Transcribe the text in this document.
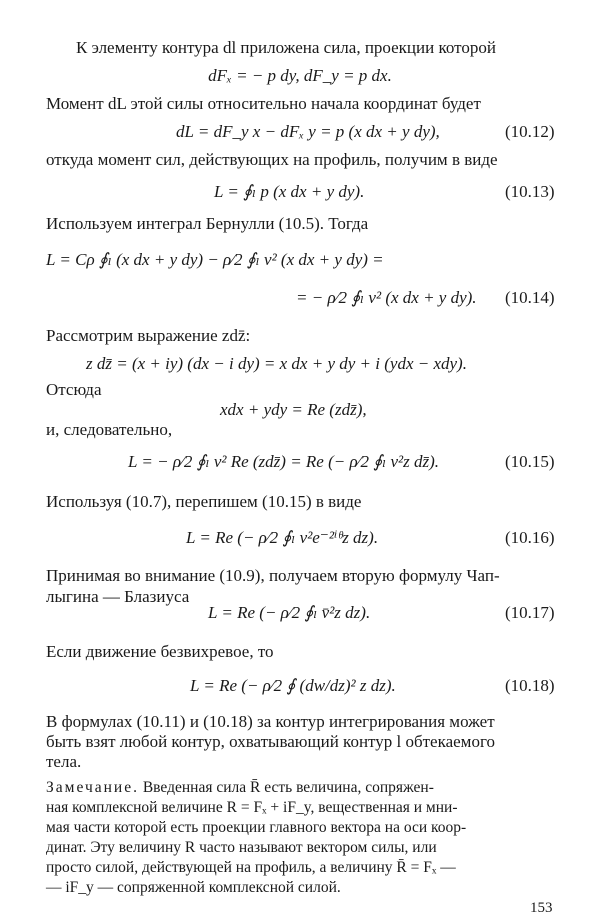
К элементу контура dl приложена сила, проекции которой
dFₓ = − p dy, dF_y = p dx.
Момент dL этой силы относительно начала координат будет
dL = dF_y x − dFₓ y = p (x dx + y dy),	(10.12)
откуда момент сил, действующих на профиль, получим в виде
L = ∮ₗ p (x dx + y dy).	(10.13)
Используем интеграл Бернулли (10.5). Тогда
L = Cρ ∮ₗ (x dx + y dy) − ρ⁄2 ∮ₗ v² (x dx + y dy) =
= − ρ⁄2 ∮ₗ v² (x dx + y dy). (10.14)
Рассмотрим выражение zdz̄:
z dz̄ = (x + iy) (dx − i dy) = x dx + y dy + i (ydx − xdy).
Отсюда
xdx + ydy = Re (zdz̄),
и, следовательно,
L = − ρ⁄2 ∮ₗ v² Re (zdz̄) = Re (− ρ⁄2 ∮ₗ v²z dz̄).	(10.15)
Используя (10.7), перепишем (10.15) в виде
L = Re (− ρ⁄2 ∮ₗ v²e⁻²ⁱᶿz dz).	(10.16)
Принимая во внимание (10.9), получаем вторую формулу Чап-
лыгина — Блазиуса
L = Re (− ρ⁄2 ∮ₗ v̄²z dz).	(10.17)
Если движение безвихревое, то
L = Re (− ρ⁄2 ∮ (dw/dz)² z dz).	(10.18)
В формулах (10.11) и (10.18) за контур интегрирования может
быть взят любой контур, охватывающий контур l обтекаемого
тела.
Замечание. Введенная сила R̄ есть величина, сопряжен-
ная комплексной величине R = Fₓ + iF_y, вещественная и мни-
мая части которой есть проекции главного вектора на оси коор-
динат. Эту величину R часто называют вектором силы, или
просто силой, действующей на профиль, а величину R̄ = Fₓ —
— iF_y — сопряженной комплексной силой.
153
